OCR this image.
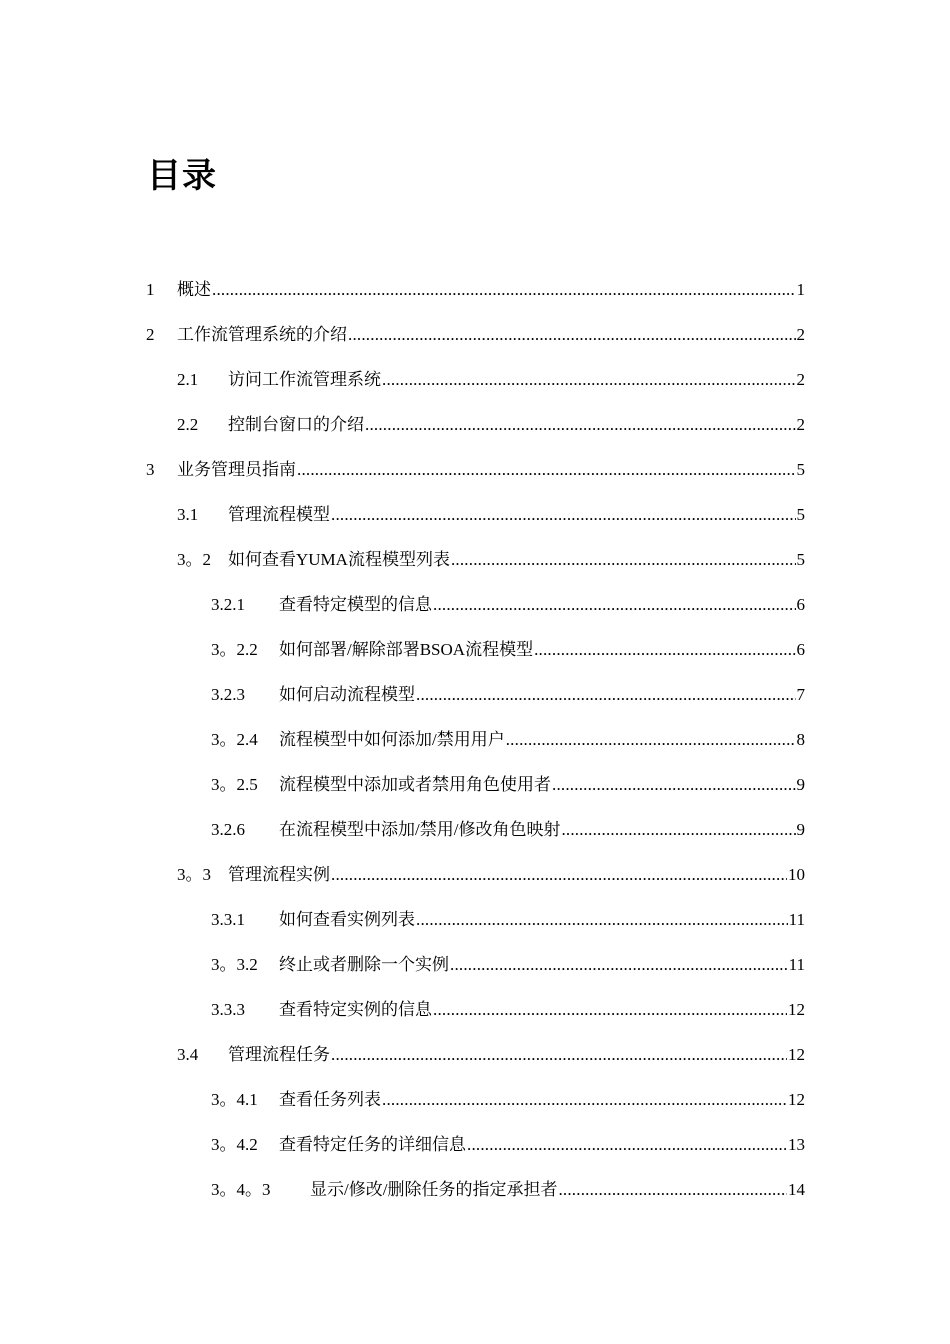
目录
1 概述 .....	1
2 工作流管理系统的介绍 .....	2
2.1 访问工作流管理系统 .....	2
2.2 控制台窗口的介绍 .....	2
3 业务管理员指南 .....	5
3.1 管理流程模型 .....	5
3。2 如何查看YUMA流程模型列表 .....	5
3.2.1 查看特定模型的信息 .....	6
3。2.2 如何部署/解除部署BSOA流程模型 .....	6
3.2.3 如何启动流程模型 .....	7
3。2.4 流程模型中如何添加/禁用用户 .....	8
3。2.5 流程模型中添加或者禁用角色使用者 .....	9
3.2.6 在流程模型中添加/禁用/修改角色映射 .....	9
3。3 管理流程实例 .....	10
3.3.1 如何查看实例列表 .....	11
3。3.2 终止或者删除一个实例 .....	11
3.3.3 查看特定实例的信息 .....	12
3.4 管理流程任务 .....	12
3。4.1 查看任务列表 .....	12
3。4.2 查看特定任务的详细信息 .....	13
3。4。3 显示/修改/删除任务的指定承担者 .....	14
